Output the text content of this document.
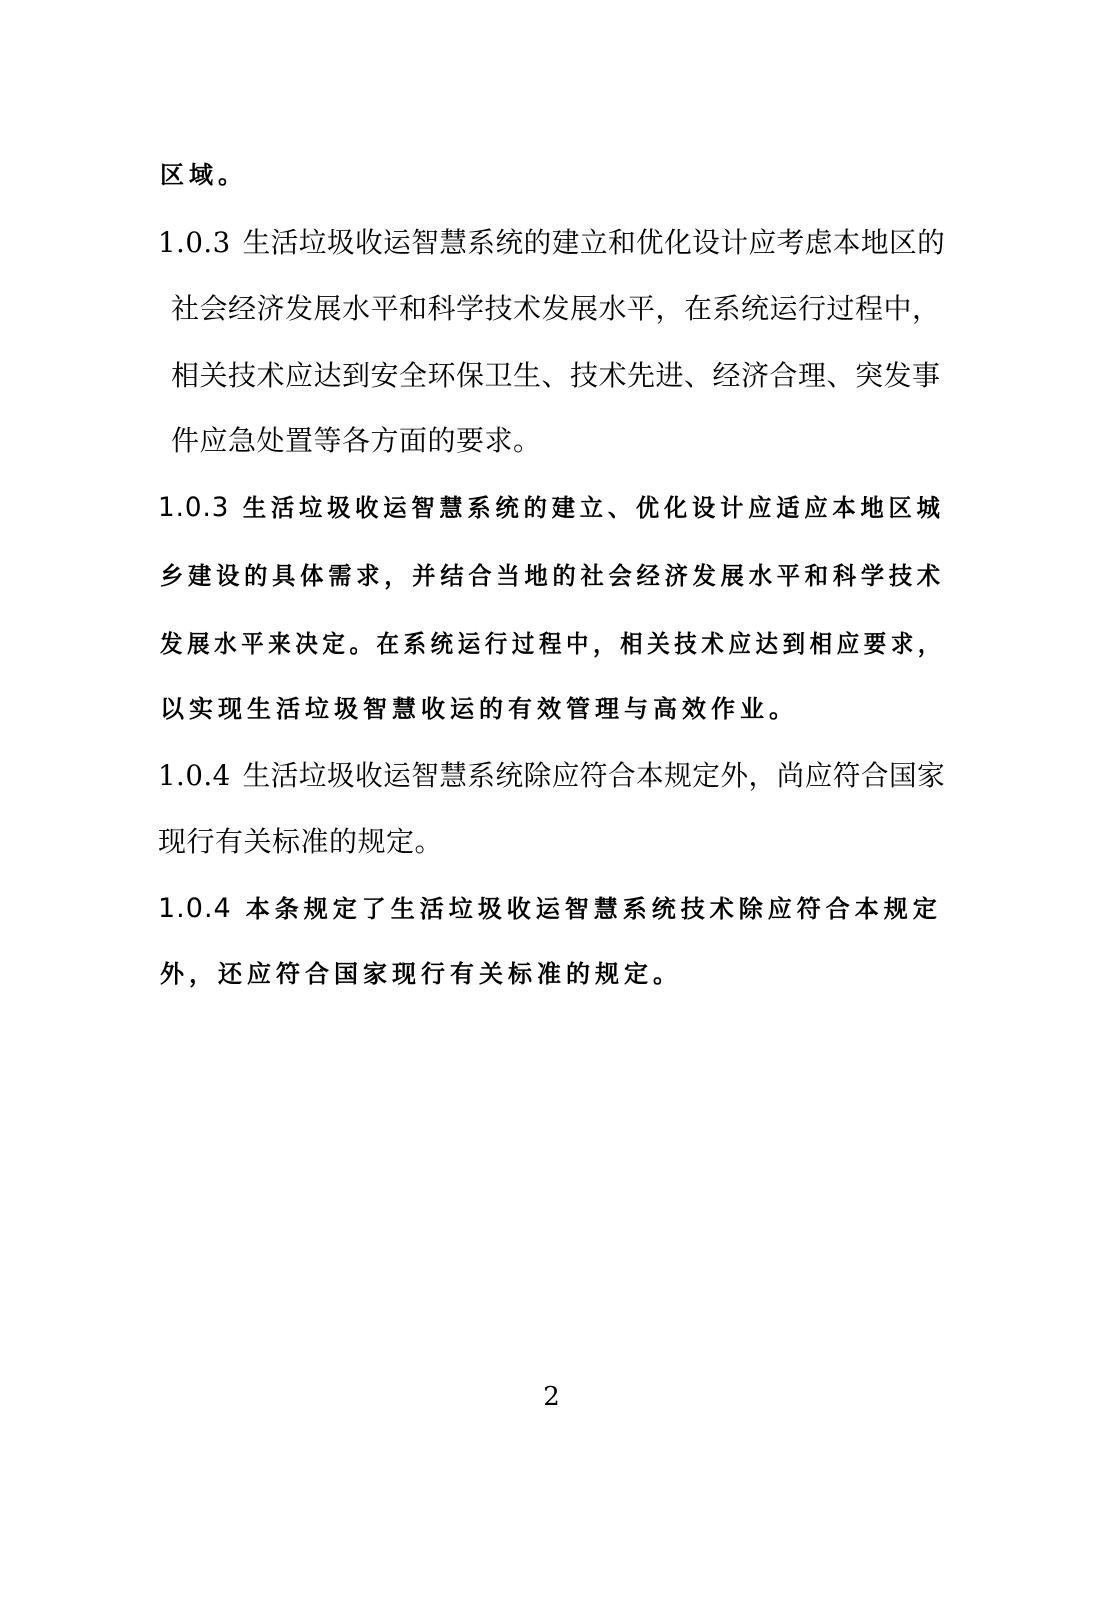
区域。
1.0.3 生活垃圾收运智慧系统的建立和优化设计应考虑本地区的
社会经济发展水平和科学技术发展水平，在系统运行过程中，
相关技术应达到安全环保卫生、技术先进、经济合理、突发事
件应急处置等各方面的要求。
1.0.3 生活垃圾收运智慧系统的建立、优化设计应适应本地区城
乡建设的具体需求，并结合当地的社会经济发展水平和科学技术
发展水平来决定。在系统运行过程中，相关技术应达到相应要求，
以实现生活垃圾智慧收运的有效管理与高效作业。
1.0.4 生活垃圾收运智慧系统除应符合本规定外，尚应符合国家
现行有关标准的规定。
1.0.4 本条规定了生活垃圾收运智慧系统技术除应符合本规定
外，还应符合国家现行有关标准的规定。
2
